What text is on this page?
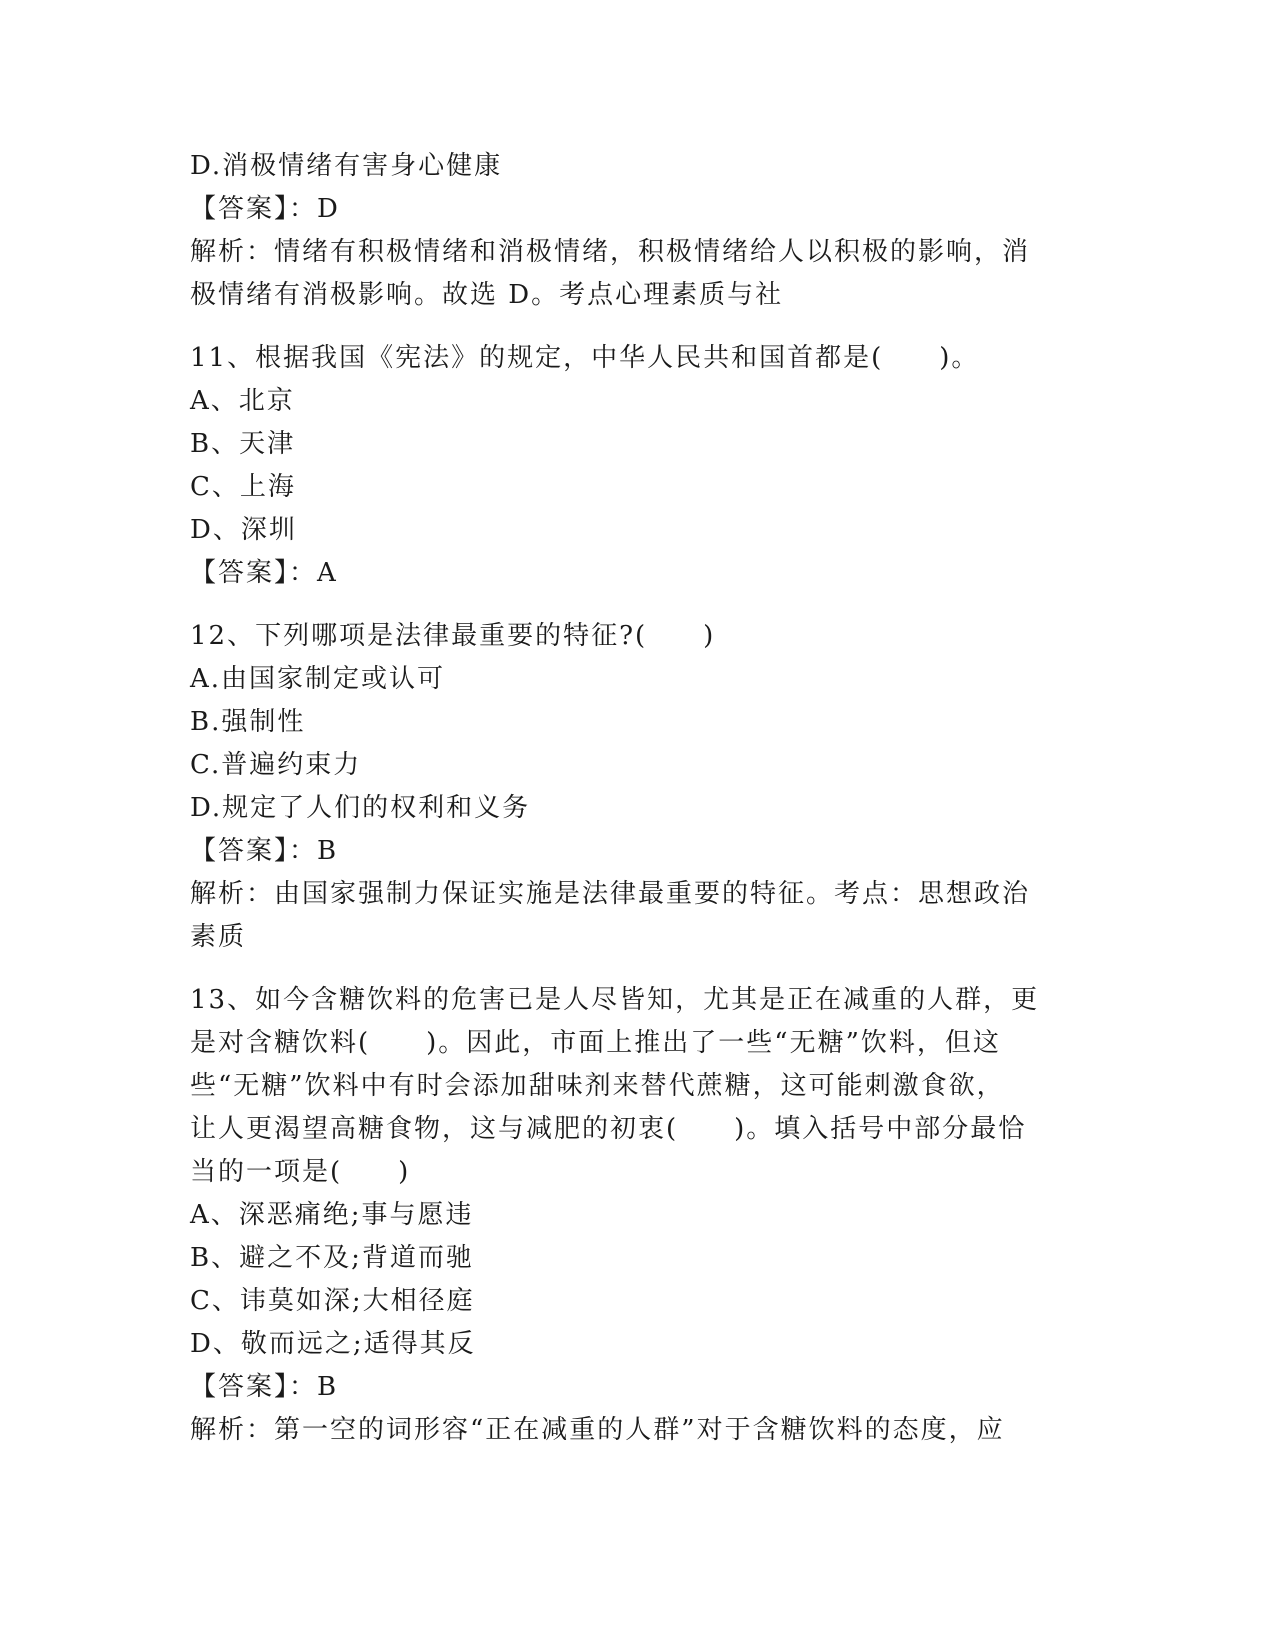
D.消极情绪有害身心健康
【答案】：D
解析：情绪有积极情绪和消极情绪，积极情绪给人以积极的影响，消
极情绪有消极影响。故选 D。考点心理素质与社
11、根据我国《宪法》的规定，中华人民共和国首都是(　　)。
A、北京
B、天津
C、上海
D、深圳
【答案】：A
12、下列哪项是法律最重要的特征?(　　)
A.由国家制定或认可
B.强制性
C.普遍约束力
D.规定了人们的权利和义务
【答案】：B
解析：由国家强制力保证实施是法律最重要的特征。考点：思想政治
素质
13、如今含糖饮料的危害已是人尽皆知，尤其是正在减重的人群，更
是对含糖饮料(　　)。因此，市面上推出了一些“无糖”饮料，但这
些“无糖”饮料中有时会添加甜味剂来替代蔗糖，这可能刺激食欲，
让人更渴望高糖食物，这与减肥的初衷(　　)。填入括号中部分最恰
当的一项是(　　)
A、深恶痛绝;事与愿违
B、避之不及;背道而驰
C、讳莫如深;大相径庭
D、敬而远之;适得其反
【答案】：B
解析：第一空的词形容“正在减重的人群”对于含糖饮料的态度，应
